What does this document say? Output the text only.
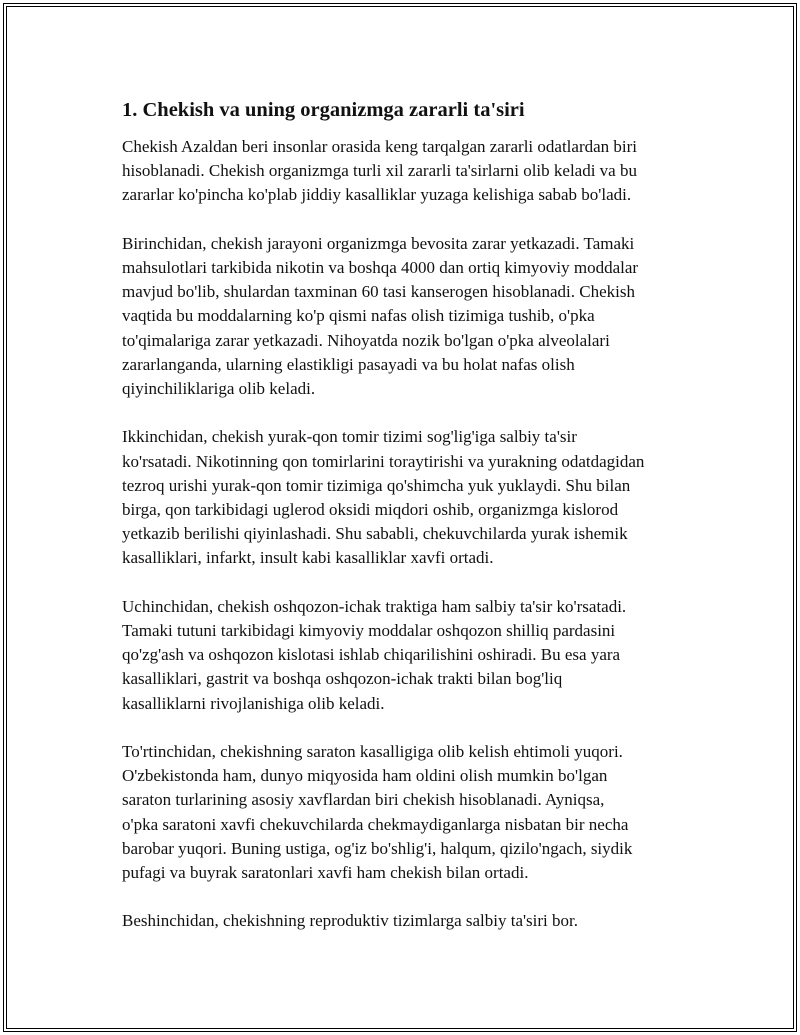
1. Chekish va uning organizmga zararli ta'siri

Chekish Azaldan beri insonlar orasida keng tarqalgan zararli odatlardan biri
hisoblanadi. Chekish organizmga turli xil zararli ta'sirlarni olib keladi va bu
zararlar ko'pincha ko'plab jiddiy kasalliklar yuzaga kelishiga sabab bo'ladi.

Birinchidan, chekish jarayoni organizmga bevosita zarar yetkazadi. Tamaki
mahsulotlari tarkibida nikotin va boshqa 4000 dan ortiq kimyoviy moddalar
mavjud bo'lib, shulardan taxminan 60 tasi kanserogen hisoblanadi. Chekish
vaqtida bu moddalarning ko'p qismi nafas olish tizimiga tushib, o'pka
to'qimalariga zarar yetkazadi. Nihoyatda nozik bo'lgan o'pka alveolalari
zararlanganda, ularning elastikligi pasayadi va bu holat nafas olish
qiyinchiliklariga olib keladi.

Ikkinchidan, chekish yurak-qon tomir tizimi sog'lig'iga salbiy ta'sir
ko'rsatadi. Nikotinning qon tomirlarini toraytirishi va yurakning odatdagidan
tezroq urishi yurak-qon tomir tizimiga qo'shimcha yuk yuklaydi. Shu bilan
birga, qon tarkibidagi uglerod oksidi miqdori oshib, organizmga kislorod
yetkazib berilishi qiyinlashadi. Shu sababli, chekuvchilarda yurak ishemik
kasalliklari, infarkt, insult kabi kasalliklar xavfi ortadi.

Uchinchidan, chekish oshqozon-ichak traktiga ham salbiy ta'sir ko'rsatadi.
Tamaki tutuni tarkibidagi kimyoviy moddalar oshqozon shilliq pardasini
qo'zg'ash va oshqozon kislotasi ishlab chiqarilishini oshiradi. Bu esa yara
kasalliklari, gastrit va boshqa oshqozon-ichak trakti bilan bog'liq
kasalliklarni rivojlanishiga olib keladi.

To'rtinchidan, chekishning saraton kasalligiga olib kelish ehtimoli yuqori.
O'zbekistonda ham, dunyo miqyosida ham oldini olish mumkin bo'lgan
saraton turlarining asosiy xavflardan biri chekish hisoblanadi. Ayniqsa,
o'pka saratoni xavfi chekuvchilarda chekmaydiganlarga nisbatan bir necha
barobar yuqori. Buning ustiga, og'iz bo'shlig'i, halqum, qizilo'ngach, siydik
pufagi va buyrak saratonlari xavfi ham chekish bilan ortadi.

Beshinchidan, chekishning reproduktiv tizimlarga salbiy ta'siri bor.
